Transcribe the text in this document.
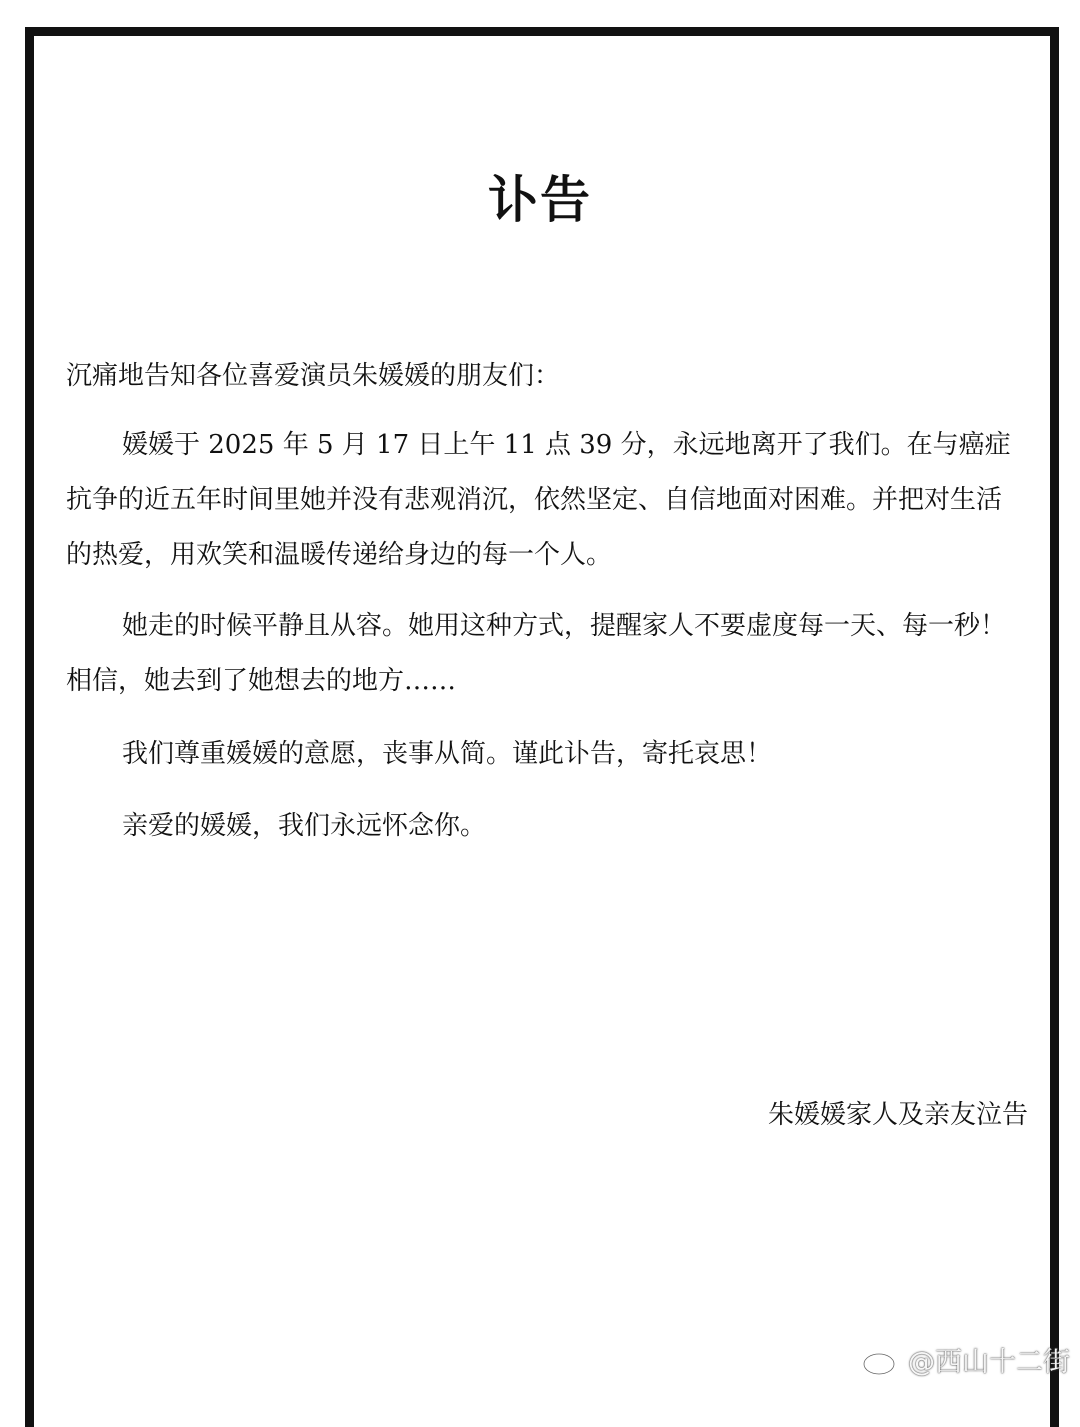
讣告

沉痛地告知各位喜爱演员朱媛媛的朋友们：

媛媛于 2025 年 5 月 17 日上午 11 点 39 分，永远地离开了我们。在与癌症抗争的近五年时间里她并没有悲观消沉，依然坚定、自信地面对困难。并把对生活的热爱，用欢笑和温暖传递给身边的每一个人。

她走的时候平静且从容。她用这种方式，提醒家人不要虚度每一天、每一秒！相信，她去到了她想去的地方……

我们尊重媛媛的意愿，丧事从简。谨此讣告，寄托哀思！

亲爱的媛媛，我们永远怀念你。

朱媛媛家人及亲友泣告

@西山十二街
